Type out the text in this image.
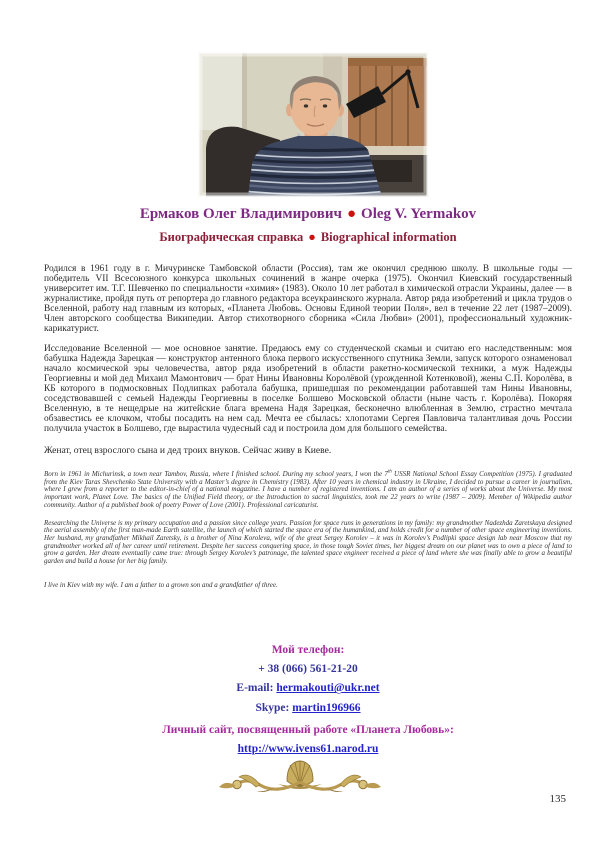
Ермаков Олег Владимирович ● Oleg V. Yermakov
Биографическая справка ● Biographical information

Родился в 1961 году в г. Мичуринске Тамбовской области (Россия), там же окончил среднюю школу. В школьные годы — победитель VII Всесоюзного конкурса школьных сочинений в жанре очерка (1975). Окончил Киевский государственный университет им. Т.Г. Шевченко по специальности «химия» (1983). Около 10 лет работал в химической отрасли Украины, далее — в журналистике, пройдя путь от репортера до главного редактора всеукраинского журнала. Автор ряда изобретений и цикла трудов о Вселенной, работу над главным из которых, «Планета Любовь. Основы Единой теории Поля», вел в течение 22 лет (1987–2009). Член авторского сообщества Википедии. Автор стихотворного сборника «Сила Любви» (2001), профессиональный художник-карикатурист.

Исследование Вселенной — мое основное занятие. Предаюсь ему со студенческой скамьи и считаю его наследственным: моя бабушка Надежда Зарецкая — конструктор антенного блока первого искусственного спутника Земли, запуск которого ознаменовал начало космической эры человечества, автор ряда изобретений в области ракетно-космической техники, а муж Надежды Георгиевны и мой дед Михаил Мамонтович — брат Нины Ивановны Королёвой (урожденной Котенковой), жены С.П. Королёва, в КБ которого в подмосковных Подлипках работала бабушка, пришедшая по рекомендации работавшей там Нины Ивановны, соседствовавшей с семьей Надежды Георгиевны в поселке Болшево Московской области (ныне часть г. Королёва). Покоряя Вселенную, в те нещедрые на житейские блага времена Надя Зарецкая, бесконечно влюбленная в Землю, страстно мечтала обзавестись ее клочком, чтобы посадить на нем сад. Мечта ее сбылась: хлопотами Сергея Павловича талантливая дочь России получила участок в Болшево, где вырастила чудесный сад и построила дом для большого семейства.

Женат, отец взрослого сына и дед троих внуков. Сейчас живу в Киеве.

Born in 1961 in Michurinsk, a town near Tambov, Russia, where I finished school. During my school years, I won the 7th USSR National School Essay Competition (1975). I graduated from the Kiev Taras Shevchenko State University with a Master’s degree in Chemistry (1983). After 10 years in chemical industry in Ukraine, I decided to pursue a career in journalism, where I grew from a reporter to the editor-in-chief of a national magazine. I have a number of registered inventions. I am an author of a series of works about the Universe. My most important work, Planet Love. The basics of the Unified Field theory, or the Introduction to sacral linguistics, took me 22 years to write (1987 – 2009). Member of Wikipedia author community. Author of a published book of poetry Power of Love (2001). Professional caricaturist.

Researching the Universe is my primary occupation and a passion since college years. Passion for space runs in generations in my family: my grandmother Nadezhda Zaretskaya designed the aerial assembly of the first man-made Earth satellite, the launch of which started the space era of the humankind, and holds credit for a number of other space engineering inventions. Her husband, my grandfather Mikhail Zaretsky, is a brother of Nina Koroleva, wife of the great Sergey Korolev – it was in Korolev’s Podlipki space design lab near Moscow that my grandmother worked all of her career until retirement. Despite her success conquering space, in those tough Soviet times, her biggest dream on our planet was to own a piece of land to grow a garden. Her dream eventually came true: through Sergey Korolev’s patronage, the talented space engineer received a piece of land where she was finally able to grow a beautiful garden and build a house for her big family.

I live in Kiev with my wife. I am a father to a grown son and a grandfather of three.

Мой телефон:
+ 38 (066) 561-21-20
E-mail: hermakouti@ukr.net
Skype: martin196966
Личный сайт, посвященный работе «Планета Любовь»:
http://www.ivens61.narod.ru
135
